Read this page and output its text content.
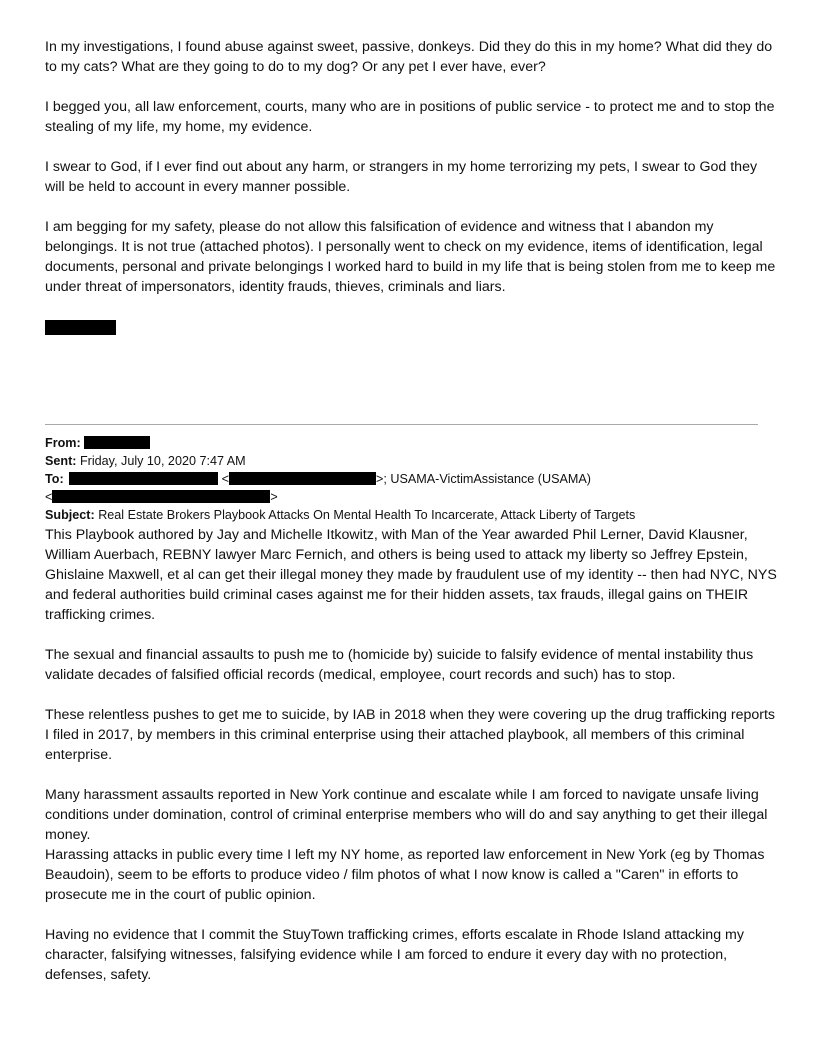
In my investigations, I found abuse against sweet, passive, donkeys. Did they do this in my home? What did they do to my cats? What are they going to do to my dog? Or any pet I ever have, ever?

I begged you, all law enforcement, courts, many who are in positions of public service - to protect me and to stop the stealing of my life, my home, my evidence.

I swear to God, if I ever find out about any harm, or strangers in my home terrorizing my pets, I swear to God they will be held to account in every manner possible.

I am begging for my safety, please do not allow this falsification of evidence and witness that I abandon my belongings. It is not true (attached photos). I personally went to check on my evidence, items of identification, legal documents, personal and private belongings I worked hard to build in my life that is being stolen from me to keep me under threat of impersonators, identity frauds, thieves, criminals and liars.

From:
Sent: Friday, July 10, 2020 7:47 AM
To:	<	>; USAMA-VictimAssistance (USAMA)
<	>
Subject: Real Estate Brokers Playbook Attacks On Mental Health To Incarcerate, Attack Liberty of Targets

This Playbook authored by Jay and Michelle Itkowitz, with Man of the Year awarded Phil Lerner, David Klausner, William Auerbach, REBNY lawyer Marc Fernich, and others is being used to attack my liberty so Jeffrey Epstein, Ghislaine Maxwell, et al can get their illegal money they made by fraudulent use of my identity -- then had NYC, NYS and federal authorities build criminal cases against me for their hidden assets, tax frauds, illegal gains on THEIR trafficking crimes.

The sexual and financial assaults to push me to (homicide by) suicide to falsify evidence of mental instability thus validate decades of falsified official records (medical, employee, court records and such) has to stop.

These relentless pushes to get me to suicide, by IAB in 2018 when they were covering up the drug trafficking reports I filed in 2017, by members in this criminal enterprise using their attached playbook, all members of this criminal enterprise.

Many harassment assaults reported in New York continue and escalate while I am forced to navigate unsafe living conditions under domination, control of criminal enterprise members who will do and say anything to get their illegal money.

Harassing attacks in public every time I left my NY home, as reported law enforcement in New York (eg by Thomas Beaudoin), seem to be efforts to produce video / film photos of what I now know is called a "Caren" in efforts to prosecute me in the court of public opinion.

Having no evidence that I commit the StuyTown trafficking crimes, efforts escalate in Rhode Island attacking my character, falsifying witnesses, falsifying evidence while I am forced to endure it every day with no protection, defenses, safety.
